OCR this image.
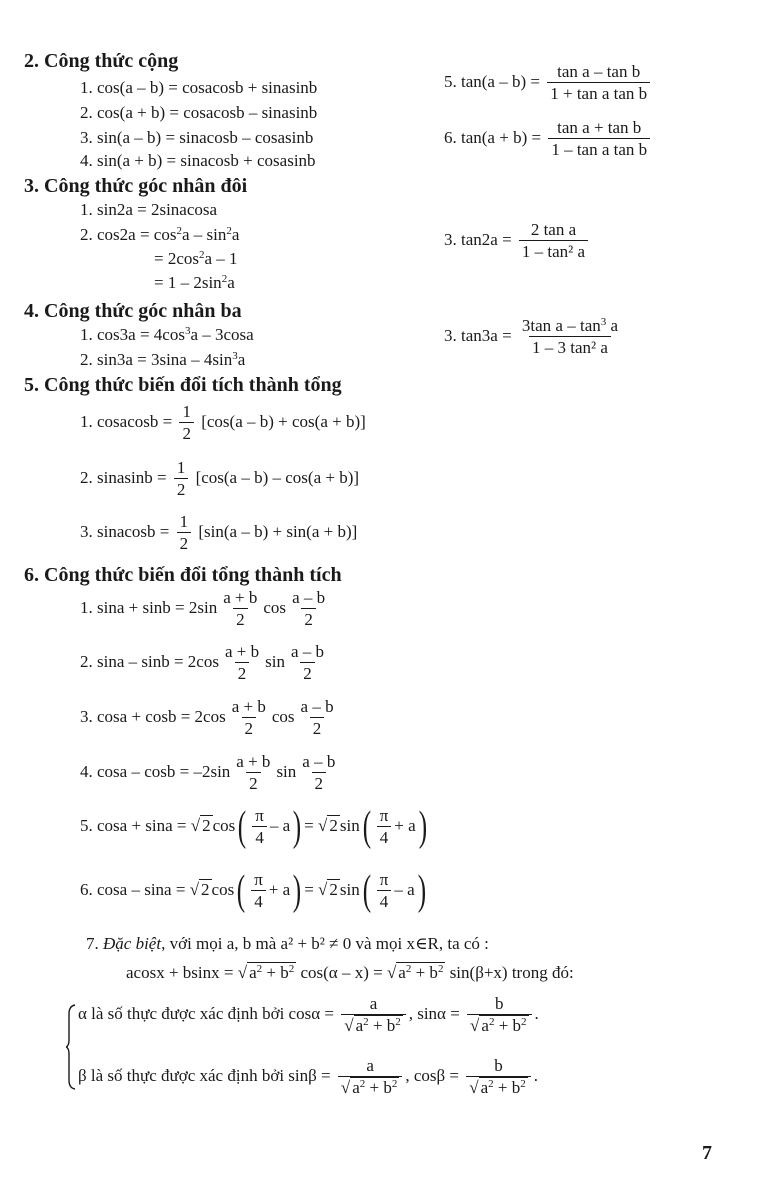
2. Công thức cộng
1. cos(a – b) = cosacosb + sinasinb
2. cos(a + b) = cosacosb – sinasinb
3. sin(a – b) = sinacosb – cosasinb
4. sin(a + b) = sinacosb + cosasinb
5. $\tan(a - b) = \frac{\text{tan a – tan b}}{\text{1 + tan a tan b}}$
6. $\tan(a + b) = \frac{\text{tan a + tan b}}{\text{1 – tan a tan b}}$
3. Công thức góc nhân đôi
1. sin2a = 2sinacosa
2. $\cos 2a = \cos^2a - \sin^2a$
= $2\cos^2a - 1$
= $1 - 2\sin^2a$
3. $\tan 2a = \frac{\text{2 tan a}}{\text{1 – tan² a}}$
4. Công thức góc nhân ba
1. $\cos 3a = 4\cos^3a - 3\cos a$
2. $\sin 3a = 3\sin a - 4\sin^3a$
3. $\tan 3a = \frac{3\tan a - \tan^3 a}{\text{1 – 3 tan² a}}$
5. Công thức biến đổi tích thành tổng
1. cosacosb = $\frac{1}{2} [\cos(a - b) + \cos(a + b)]$
2. sinasinb = $\frac{1}{2} [\cos(a - b) - \cos(a + b)]$
3. sinacosb = $\frac{1}{2} [\sin(a - b) + \sin(a + b)]$
6. Công thức biến đổi tổng thành tích
1. $\sin a + \sin b = 2\sin \frac{a + b}{2}$ $\cos \frac{a - b}{2}$
2. $\sin a - \sin b = 2\cos \frac{a + b}{2}$ $\sin \frac{a - b}{2}$
3. $\cos a + \cos b = 2\cos \frac{a + b}{2}$ $\cos \frac{a - b}{2}$
4. $\cos a - \cos b = -2\sin \frac{a + b}{2}$ $\sin \frac{a - b}{2}$
5. cosa + sina = √ 2 $\cos( \frac{\pi}{4} - a)$ = √ 2 $\sin( \frac{\pi}{4} + a)$
6. cosa – sina = √ 2 $\cos( \frac{\pi}{4} + a)$ = √ 2 $\sin( \frac{\pi}{4} - a)$
7. Đặc biệt, với mọi a, b mà a² + b² ≠ 0 và mọi x∈R, ta có :
acosx + bsinx = √ $a^2 + b^2$ cos(α – x) = √ $a^2 + b^2$ sin(β+x) trong đó:
α là số thực được xác định bởi $\cos\alpha = \frac{a}{√ a^2 + b^2}$ , $\sin\alpha = \frac{b}{√ a^2 + b^2}$ .
β là số thực được xác định bởi $\sin\beta = \frac{a}{√ a^2 + b^2}$ , $\cos\beta = \frac{b}{√ a^2 + b^2}$ .
7
